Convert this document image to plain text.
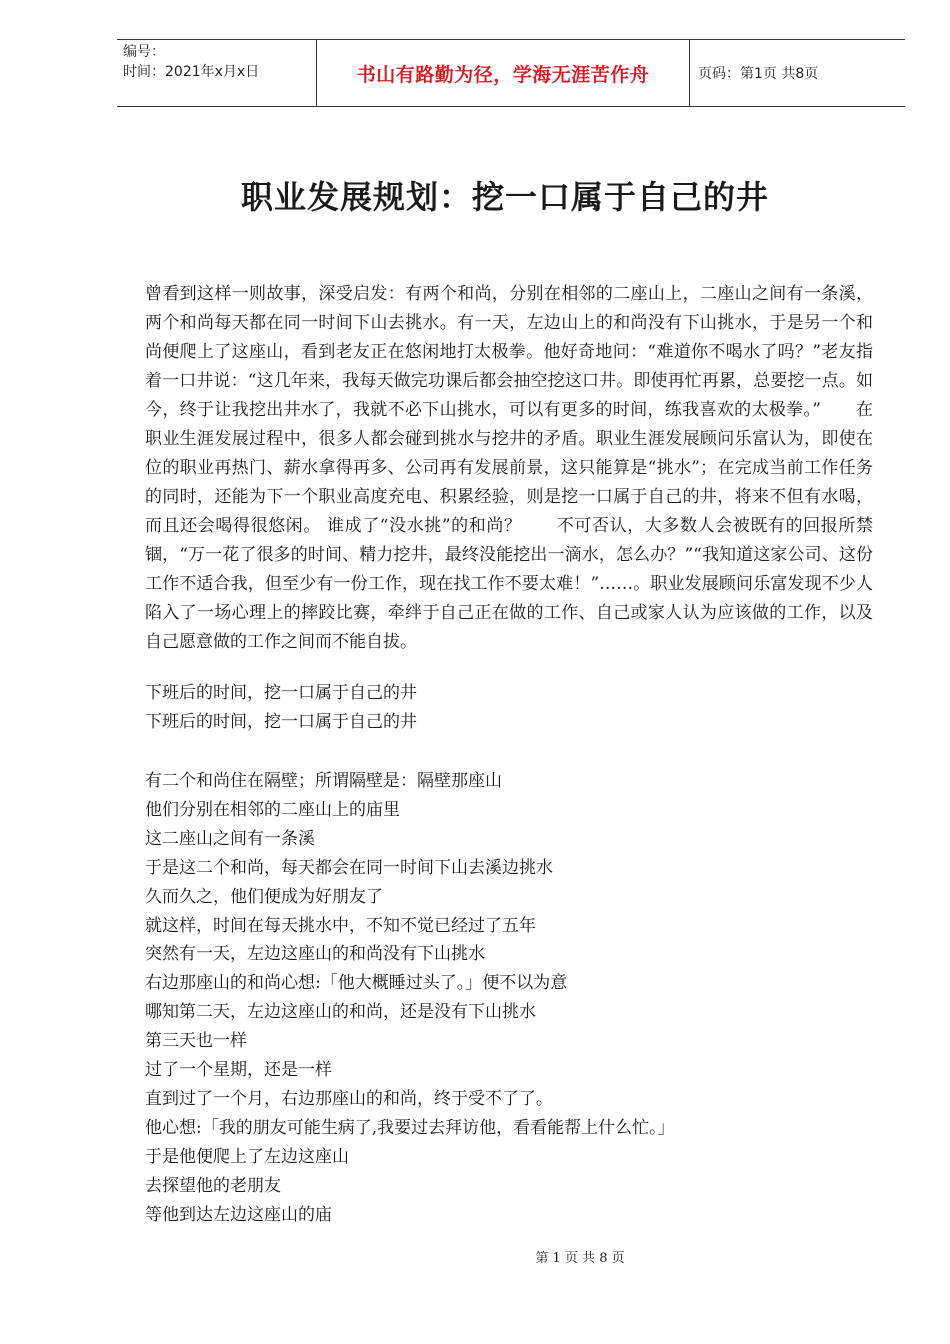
编号：
时间：2021年x月x日	书山有路勤为径，学海无涯苦作舟	页码：第1页 共8页
职业发展规划：挖一口属于自己的井
曾看到这样一则故事，深受启发：有两个和尚，分别在相邻的二座山上，二座山之间有一条溪，两个和尚每天都在同一时间下山去挑水。有一天，左边山上的和尚没有下山挑水，于是另一个和尚便爬上了这座山，看到老友正在悠闲地打太极拳。他好奇地问：“难道你不喝水了吗？”老友指着一口井说：“这几年来，我每天做完功课后都会抽空挖这口井。即使再忙再累，总要挖一点。如今，终于让我挖出井水了，我就不必下山挑水，可以有更多的时间，练我喜欢的太极拳。”　　在职业生涯发展过程中，很多人都会碰到挑水与挖井的矛盾。职业生涯发展顾问乐富认为，即使在位的职业再热门、薪水拿得再多、公司再有发展前景，这只能算是“挑水”；在完成当前工作任务的同时，还能为下一个职业高度充电、积累经验，则是挖一口属于自己的井，将来不但有水喝，而且还会喝得很悠闲。 谁成了“没水挑”的和尚？　　不可否认，大多数人会被既有的回报所禁锢，“万一花了很多的时间、精力挖井，最终没能挖出一滴水，怎么办？”“我知道这家公司、这份工作不适合我，但至少有一份工作，现在找工作不要太难！”……。职业发展顾问乐富发现不少人陷入了一场心理上的摔跤比赛，牵绊于自己正在做的工作、自己或家人认为应该做的工作，以及自己愿意做的工作之间而不能自拔。
下班后的时间，挖一口属于自己的井
下班后的时间，挖一口属于自己的井
有二个和尚住在隔壁；所谓隔壁是：隔壁那座山
他们分别在相邻的二座山上的庙里
这二座山之间有一条溪
于是这二个和尚，每天都会在同一时间下山去溪边挑水
久而久之，他们便成为好朋友了
就这样，时间在每天挑水中，不知不觉已经过了五年
突然有一天，左边这座山的和尚没有下山挑水
右边那座山的和尚心想:「他大概睡过头了。」便不以为意
哪知第二天，左边这座山的和尚，还是没有下山挑水
第三天也一样
过了一个星期，还是一样
直到过了一个月，右边那座山的和尚，终于受不了了。
他心想:「我的朋友可能生病了,我要过去拜访他，看看能帮上什么忙。」
于是他便爬上了左边这座山
去探望他的老朋友
等他到达左边这座山的庙
第 1 页 共 8 页
